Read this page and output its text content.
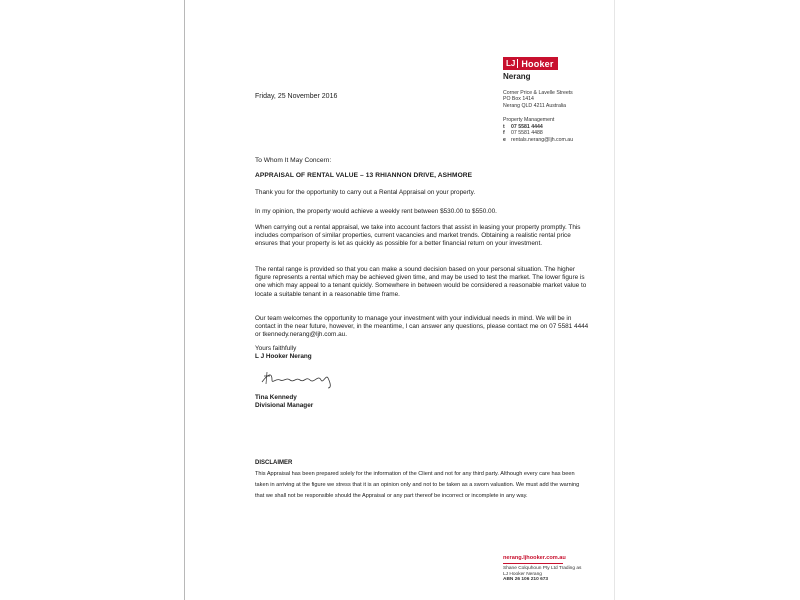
LJ Hooker
Nerang
Corner Price & Lavelle Streets
PO Box 1414
Nerang QLD 4211 Australia
Property Management
t 07 5581 4444
f 07 5581 4488
e rentals.nerang@ljh.com.au
Friday, 25 November 2016
To Whom It May Concern:
APPRAISAL OF RENTAL VALUE – 13 RHIANNON DRIVE, ASHMORE

Thank you for the opportunity to carry out a Rental Appraisal on your property.

In my opinion, the property would achieve a weekly rent between $530.00 to $550.00.

When carrying out a rental appraisal, we take into account factors that assist in leasing your property promptly. This includes comparison of similar properties, current vacancies and market trends. Obtaining a realistic rental price ensures that your property is let as quickly as possible for a better financial return on your investment.

The rental range is provided so that you can make a sound decision based on your personal situation. The higher figure represents a rental which may be achieved given time, and may be used to test the market. The lower figure is one which may appeal to a tenant quickly. Somewhere in between would be considered a reasonable market value to locate a suitable tenant in a reasonable time frame.

Our team welcomes the opportunity to manage your investment with your individual needs in mind. We will be in contact in the near future, however, in the meantime, I can answer any questions, please contact me on 07 5581 4444 or tkennedy.nerang@ljh.com.au.

Yours faithfully
L J Hooker Nerang
Tina Kennedy
Divisional Manager
DISCLAIMER

This Appraisal has been prepared solely for the information of the Client and not for any third party. Although every care has been taken in arriving at the figure we stress that it is an opinion only and not to be taken as a sworn valuation. We must add the warning that we shall not be responsible should the Appraisal or any part thereof be incorrect or incomplete in any way.

nerang.ljhooker.com.au
Shane Colquhoun Pty Ltd Trading as
LJ Hooker Nerang
ABN 26 106 210 673
